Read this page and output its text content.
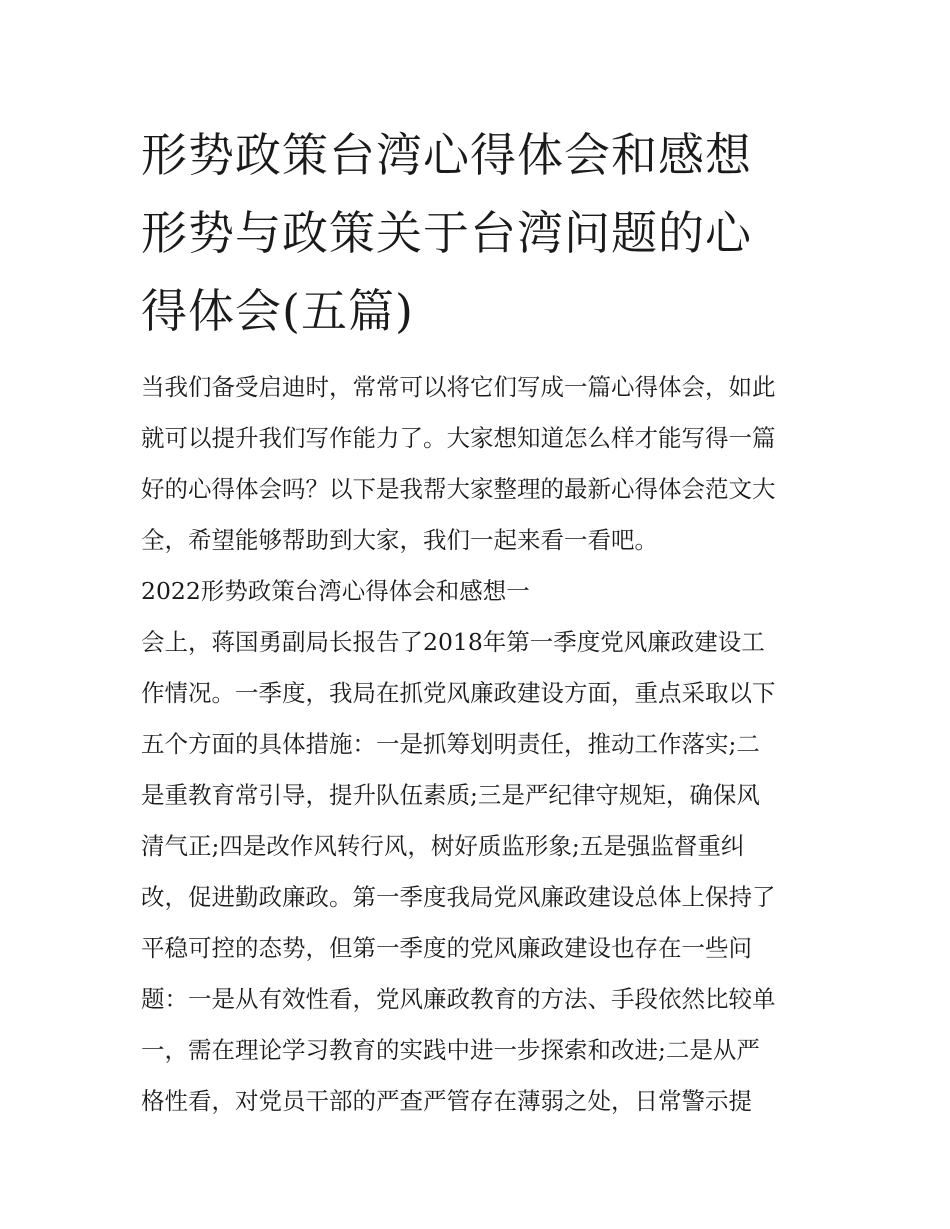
形势政策台湾心得体会和感想
形势与政策关于台湾问题的心
得体会(五篇)
当我们备受启迪时，常常可以将它们写成一篇心得体会，如此
就可以提升我们写作能力了。大家想知道怎么样才能写得一篇
好的心得体会吗？以下是我帮大家整理的最新心得体会范文大
全，希望能够帮助到大家，我们一起来看一看吧。
2022形势政策台湾心得体会和感想一
会上，蒋国勇副局长报告了2018年第一季度党风廉政建设工
作情况。一季度，我局在抓党风廉政建设方面，重点采取以下
五个方面的具体措施：一是抓筹划明责任，推动工作落实;二
是重教育常引导，提升队伍素质;三是严纪律守规矩，确保风
清气正;四是改作风转行风，树好质监形象;五是强监督重纠
改，促进勤政廉政。第一季度我局党风廉政建设总体上保持了
平稳可控的态势，但第一季度的党风廉政建设也存在一些问
题：一是从有效性看，党风廉政教育的方法、手段依然比较单
一，需在理论学习教育的实践中进一步探索和改进;二是从严
格性看，对党员干部的严查严管存在薄弱之处，日常警示提
